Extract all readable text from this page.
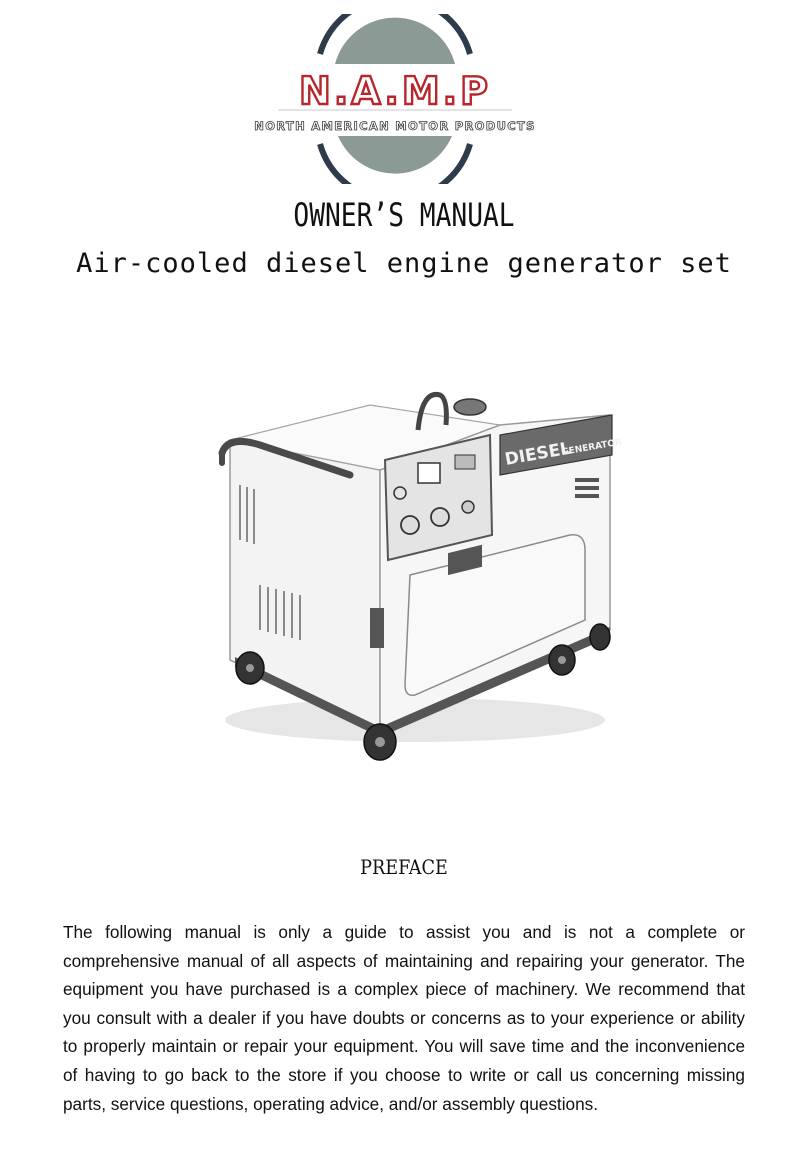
N.A.M.P
NORTH AMERICAN MOTOR PRODUCTS
OWNER’S MANUAL
Air-cooled diesel engine generator set
DIESEL
GENERATOR
PREFACE

The following manual is only a guide to assist you and is not a complete or comprehensive manual of all aspects of maintaining and repairing your generator. The equipment you have purchased is a complex piece of machinery. We recommend that you consult with a dealer if you have doubts or concerns as to your experience or ability to properly maintain or repair your equipment. You will save time and the inconvenience of having to go back to the store if you choose to write or call us concerning missing parts, service questions, operating advice, and/or assembly questions.
